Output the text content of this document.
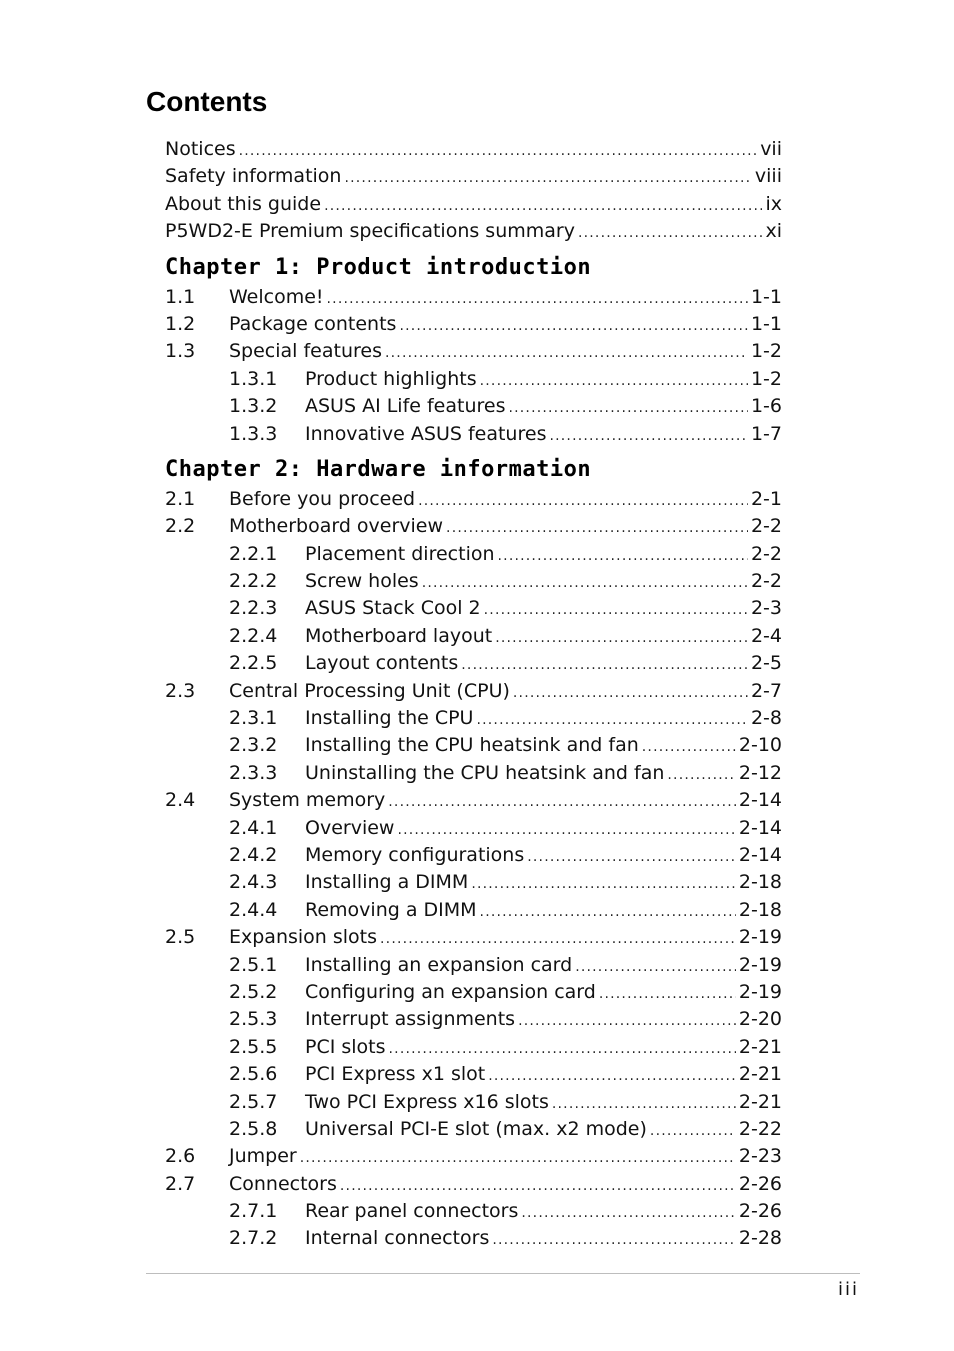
Contents
Notices .....	vii
Safety information .....	viii
About this guide .....	ix
P5WD2-E Premium specifications summary .....	xi
Chapter 1: Product introduction
1.1	Welcome! .....	1-1
1.2	Package contents .....	1-1
1.3	Special features .....	1-2
1.3.1	Product highlights .....	1-2
1.3.2	ASUS AI Life features .....	1-6
1.3.3	Innovative ASUS features .....	1-7
Chapter 2: Hardware information
2.1	Before you proceed .....	2-1
2.2	Motherboard overview .....	2-2
2.2.1	Placement direction .....	2-2
2.2.2	Screw holes .....	2-2
2.2.3	ASUS Stack Cool 2 .....	2-3
2.2.4	Motherboard layout .....	2-4
2.2.5	Layout contents .....	2-5
2.3	Central Processing Unit (CPU) .....	2-7
2.3.1	Installing the CPU .....	2-8
2.3.2	Installing the CPU heatsink and fan .....	2-10
2.3.3	Uninstalling the CPU heatsink and fan .....	2-12
2.4	System memory .....	2-14
2.4.1	Overview .....	2-14
2.4.2	Memory configurations .....	2-14
2.4.3	Installing a DIMM .....	2-18
2.4.4	Removing a DIMM .....	2-18
2.5	Expansion slots .....	2-19
2.5.1	Installing an expansion card .....	2-19
2.5.2	Configuring an expansion card .....	2-19
2.5.3	Interrupt assignments .....	2-20
2.5.5	PCI slots .....	2-21
2.5.6	PCI Express x1 slot .....	2-21
2.5.7	Two PCI Express x16 slots .....	2-21
2.5.8	Universal PCI-E slot (max. x2 mode) .....	2-22
2.6	Jumper .....	2-23
2.7	Connectors .....	2-26
2.7.1	Rear panel connectors .....	2-26
2.7.2	Internal connectors .....	2-28
iii
